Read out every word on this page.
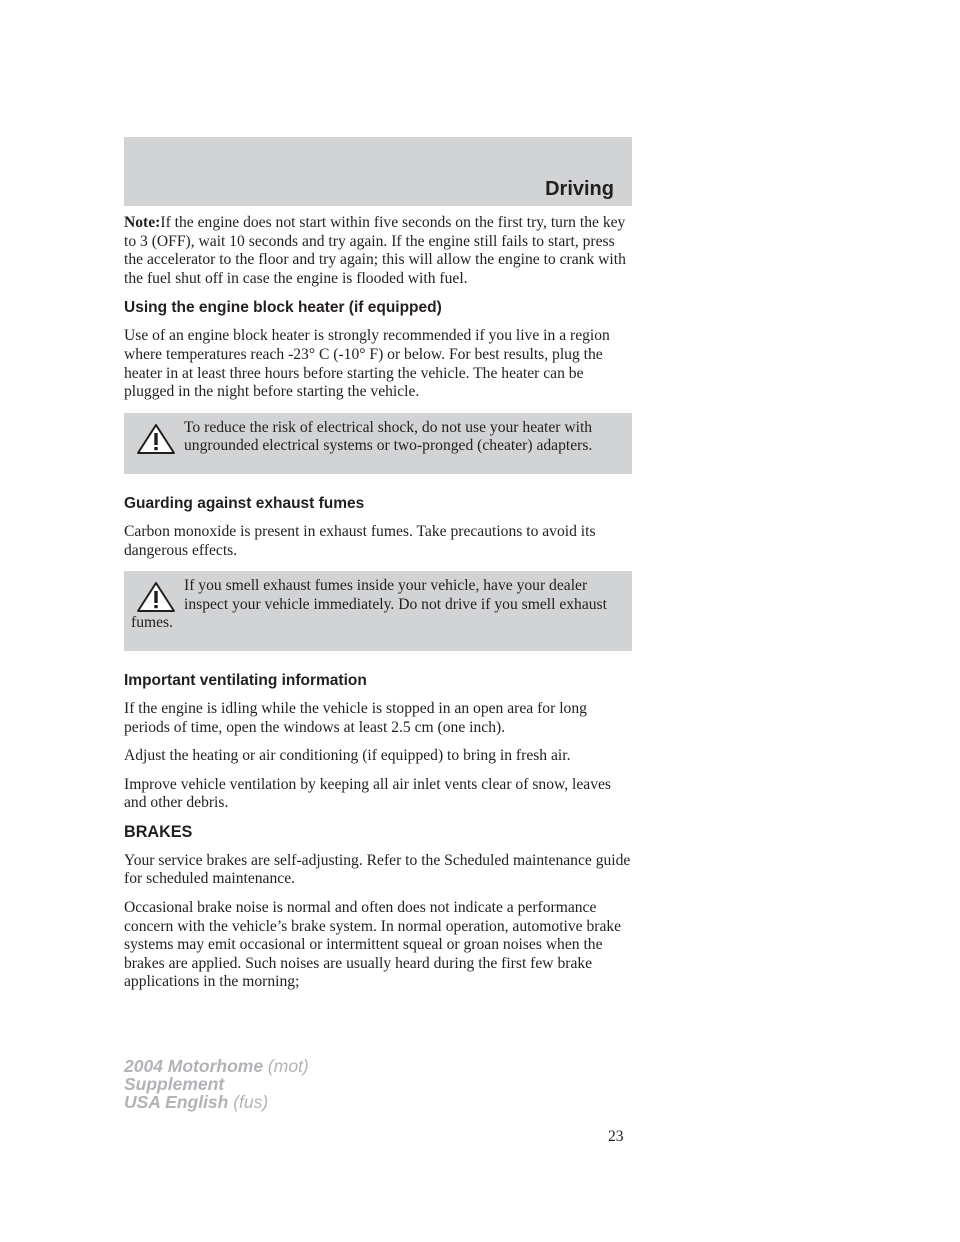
Driving

Note:If the engine does not start within five seconds on the first try, turn the key to 3 (OFF), wait 10 seconds and try again. If the engine still fails to start, press the accelerator to the floor and try again; this will allow the engine to crank with the fuel shut off in case the engine is flooded with fuel.

Using the engine block heater (if equipped)

Use of an engine block heater is strongly recommended if you live in a region where temperatures reach -23° C (-10° F) or below. For best results, plug the heater in at least three hours before starting the vehicle. The heater can be plugged in the night before starting the vehicle.

To reduce the risk of electrical shock, do not use your heater with ungrounded electrical systems or two-pronged (cheater) adapters.

Guarding against exhaust fumes

Carbon monoxide is present in exhaust fumes. Take precautions to avoid its dangerous effects.

If you smell exhaust fumes inside your vehicle, have your dealer inspect your vehicle immediately. Do not drive if you smell exhaust fumes.

Important ventilating information

If the engine is idling while the vehicle is stopped in an open area for long periods of time, open the windows at least 2.5 cm (one inch).

Adjust the heating or air conditioning (if equipped) to bring in fresh air.

Improve vehicle ventilation by keeping all air inlet vents clear of snow, leaves and other debris.

BRAKES

Your service brakes are self-adjusting. Refer to the Scheduled maintenance guide for scheduled maintenance.

Occasional brake noise is normal and often does not indicate a performance concern with the vehicle’s brake system. In normal operation, automotive brake systems may emit occasional or intermittent squeal or groan noises when the brakes are applied. Such noises are usually heard during the first few brake applications in the morning;

23

2004 Motorhome (mot)
Supplement
USA English (fus)
